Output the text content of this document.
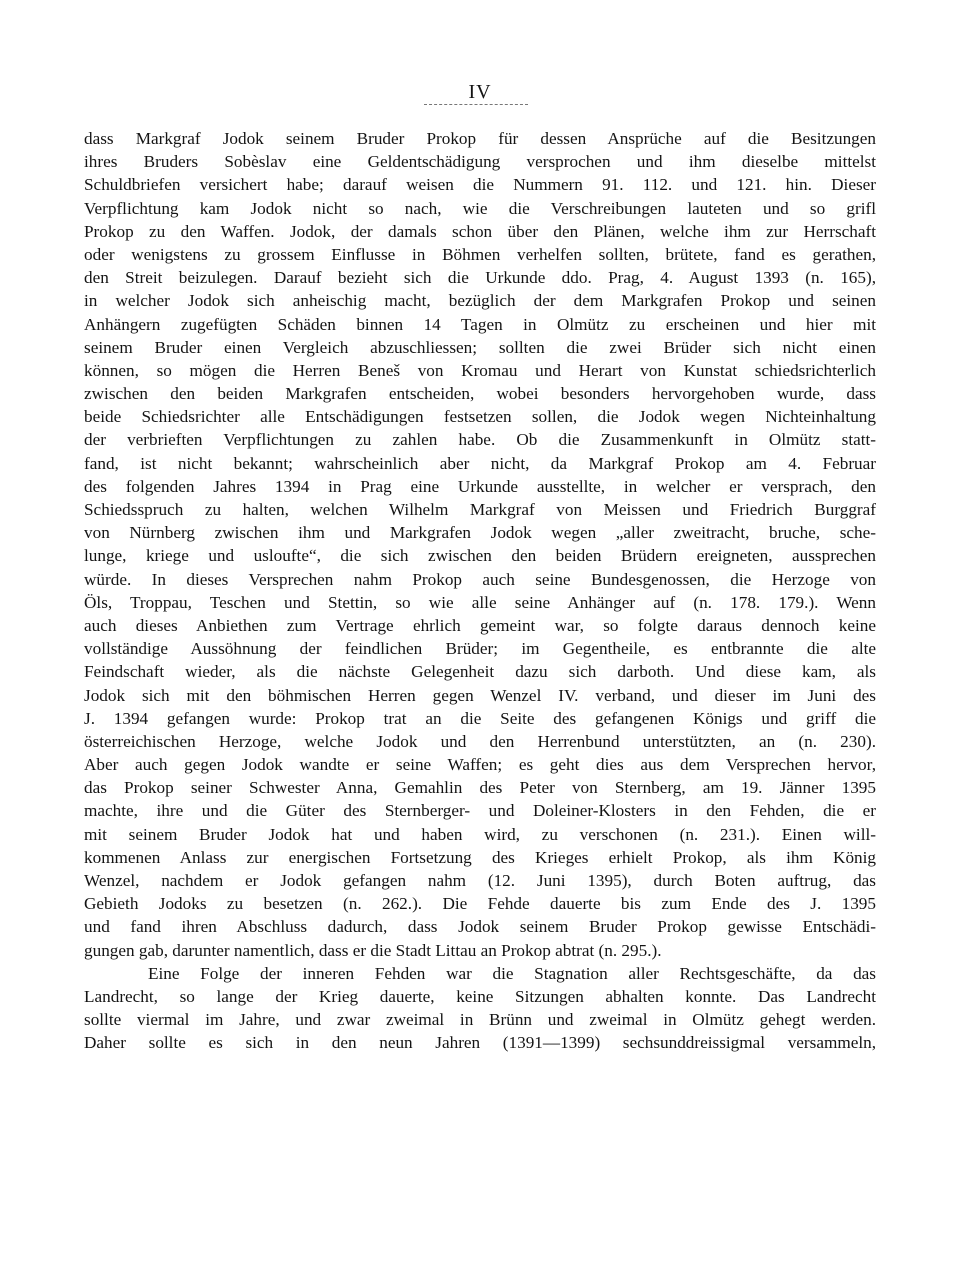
IV
dass Markgraf Jodok seinem Bruder Prokop für dessen Ansprüche auf die Besitzungen
ihres Bruders Sobèslav eine Geldentschädigung versprochen und ihm dieselbe mittelst
Schuldbriefen versichert habe; darauf weisen die Nummern 91. 112. und 121. hin. Dieser
Verpflichtung kam Jodok nicht so nach, wie die Verschreibungen lauteten und so grifl
Prokop zu den Waffen. Jodok, der damals schon über den Plänen, welche ihm zur Herrschaft
oder wenigstens zu grossem Einflusse in Böhmen verhelfen sollten, brütete, fand es gerathen,
den Streit beizulegen. Darauf bezieht sich die Urkunde ddo. Prag, 4. August 1393 (n. 165),
in welcher Jodok sich anheischig macht, bezüglich der dem Markgrafen Prokop und seinen
Anhängern zugefügten Schäden binnen 14 Tagen in Olmütz zu erscheinen und hier mit
seinem Bruder einen Vergleich abzuschliessen; sollten die zwei Brüder sich nicht einen
können, so mögen die Herren Beneš von Kromau und Herart von Kunstat schiedsrichterlich
zwischen den beiden Markgrafen entscheiden, wobei besonders hervorgehoben wurde, dass
beide Schiedsrichter alle Entschädigungen festsetzen sollen, die Jodok wegen Nichteinhaltung
der verbrieften Verpflichtungen zu zahlen habe. Ob die Zusammenkunft in Olmütz statt-
fand, ist nicht bekannt; wahrscheinlich aber nicht, da Markgraf Prokop am 4. Februar
des folgenden Jahres 1394 in Prag eine Urkunde ausstellte, in welcher er versprach, den
Schiedsspruch zu halten, welchen Wilhelm Markgraf von Meissen und Friedrich Burggraf
von Nürnberg zwischen ihm und Markgrafen Jodok wegen „aller zweitracht, bruche, sche-
lunge, kriege und usloufte“, die sich zwischen den beiden Brüdern ereigneten, aussprechen
würde. In dieses Versprechen nahm Prokop auch seine Bundesgenossen, die Herzoge von
Öls, Troppau, Teschen und Stettin, so wie alle seine Anhänger auf (n. 178. 179.). Wenn
auch dieses Anbiethen zum Vertrage ehrlich gemeint war, so folgte daraus dennoch keine
vollständige Aussöhnung der feindlichen Brüder; im Gegentheile, es entbrannte die alte
Feindschaft wieder, als die nächste Gelegenheit dazu sich darboth. Und diese kam, als
Jodok sich mit den böhmischen Herren gegen Wenzel IV. verband, und dieser im Juni des
J. 1394 gefangen wurde: Prokop trat an die Seite des gefangenen Königs und griff die
österreichischen Herzoge, welche Jodok und den Herrenbund unterstützten, an (n. 230).
Aber auch gegen Jodok wandte er seine Waffen; es geht dies aus dem Versprechen hervor,
das Prokop seiner Schwester Anna, Gemahlin des Peter von Sternberg, am 19. Jänner 1395
machte, ihre und die Güter des Sternberger- und Doleiner-Klosters in den Fehden, die er
mit seinem Bruder Jodok hat und haben wird, zu verschonen (n. 231.). Einen will-
kommenen Anlass zur energischen Fortsetzung des Krieges erhielt Prokop, als ihm König
Wenzel, nachdem er Jodok gefangen nahm (12. Juni 1395), durch Boten auftrug, das
Gebieth Jodoks zu besetzen (n. 262.). Die Fehde dauerte bis zum Ende des J. 1395
und fand ihren Abschluss dadurch, dass Jodok seinem Bruder Prokop gewisse Entschädi-
gungen gab, darunter namentlich, dass er die Stadt Littau an Prokop abtrat (n. 295.).
Eine Folge der inneren Fehden war die Stagnation aller Rechtsgeschäfte, da das
Landrecht, so lange der Krieg dauerte, keine Sitzungen abhalten konnte. Das Landrecht
sollte viermal im Jahre, und zwar zweimal in Brünn und zweimal in Olmütz gehegt werden.
Daher sollte es sich in den neun Jahren (1391—1399) sechsunddreissigmal versammeln,
